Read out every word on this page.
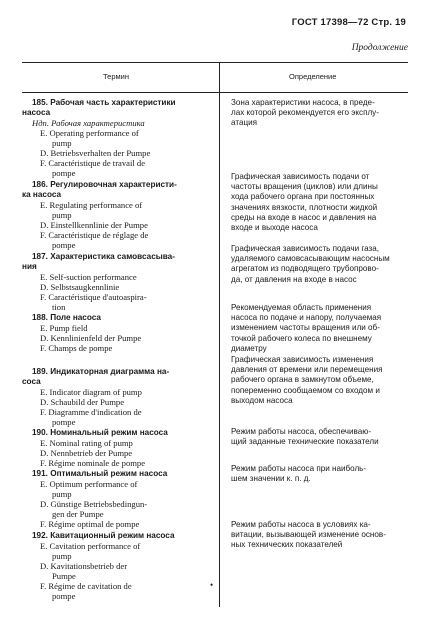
ГОСТ 17398—72 Стр. 19
Продолжение
Термин	Определение
185. Рабочая часть характеристики
насоса
Ндп. Рабочая характеристика
E. Operating performance of
pump
D. Betriebsverhalten der Pumpe
F. Caractéristique de travail de
pompe
Зона характеристики насоса, в преде-
лах которой рекомендуется его эксплу-
атация
186. Регулировочная характеристи-
ка насоса
E. Regulating performance of
pump
D. Einstellkennlinie der Pumpe
F. Caractéristique de réglage de
pompe
Графическая зависимость подачи от
частоты вращения (циклов) или длины
хода рабочего органа при постоянных
значениях вязкости, плотности жидкой
среды на входе в насос и давления на
входе и выходе насоса
187. Характеристика самовсасыва-
ния
E. Self-suction performance
D. Selbstsaugkennlinie
F. Caractéristique d'autoaspira-
tion
Графическая зависимость подачи газа,
удаляемого самовсасывающим насосным
агрегатом из подводящего трубопрово-
да, от давления на входе в насос
188. Поле насоса
E. Pump field
D. Kennlinienfeld der Pumpe
F. Champs de pompe
Рекомендуемая область применения
насоса по подаче и напору, получаемая
изменением частоты вращения или об-
точкой рабочего колеса по внешнему
диаметру
189. Индикаторная диаграмма на-
соса
E. Indicator diagram of pump
D. Schaubild der Pumpe
F. Diagramme d'indication de
pompe
Графическая зависимость изменения
давления от времени или перемещения
рабочего органа в замкнутом объеме,
попеременно сообщаемом со входом и
выходом насоса
190. Номинальный режим насоса
E. Nominal rating of pump
D. Nennbetrieb der Pumpe
F. Régime nominale de pompe
Режим работы насоса, обеспечиваю-
щий заданные технические показатели
191. Оптимальный режим насоса
E. Optimum performance of
pump
D. Günstige Betriebsbedingun-
gen der Pumpe
F. Régime optimal de pompe
Режим работы насоса при наиболь-
шем значении к. п. д.
192. Кавитационный режим насоса
E. Cavitation performance of
pump
D. Kavitationsbetrieb der
Pumpe
F. Régime de cavitation de
pompe
Режим работы насоса в условиях ка-
витации, вызывающей изменение основ-
ных технических показателей
•
